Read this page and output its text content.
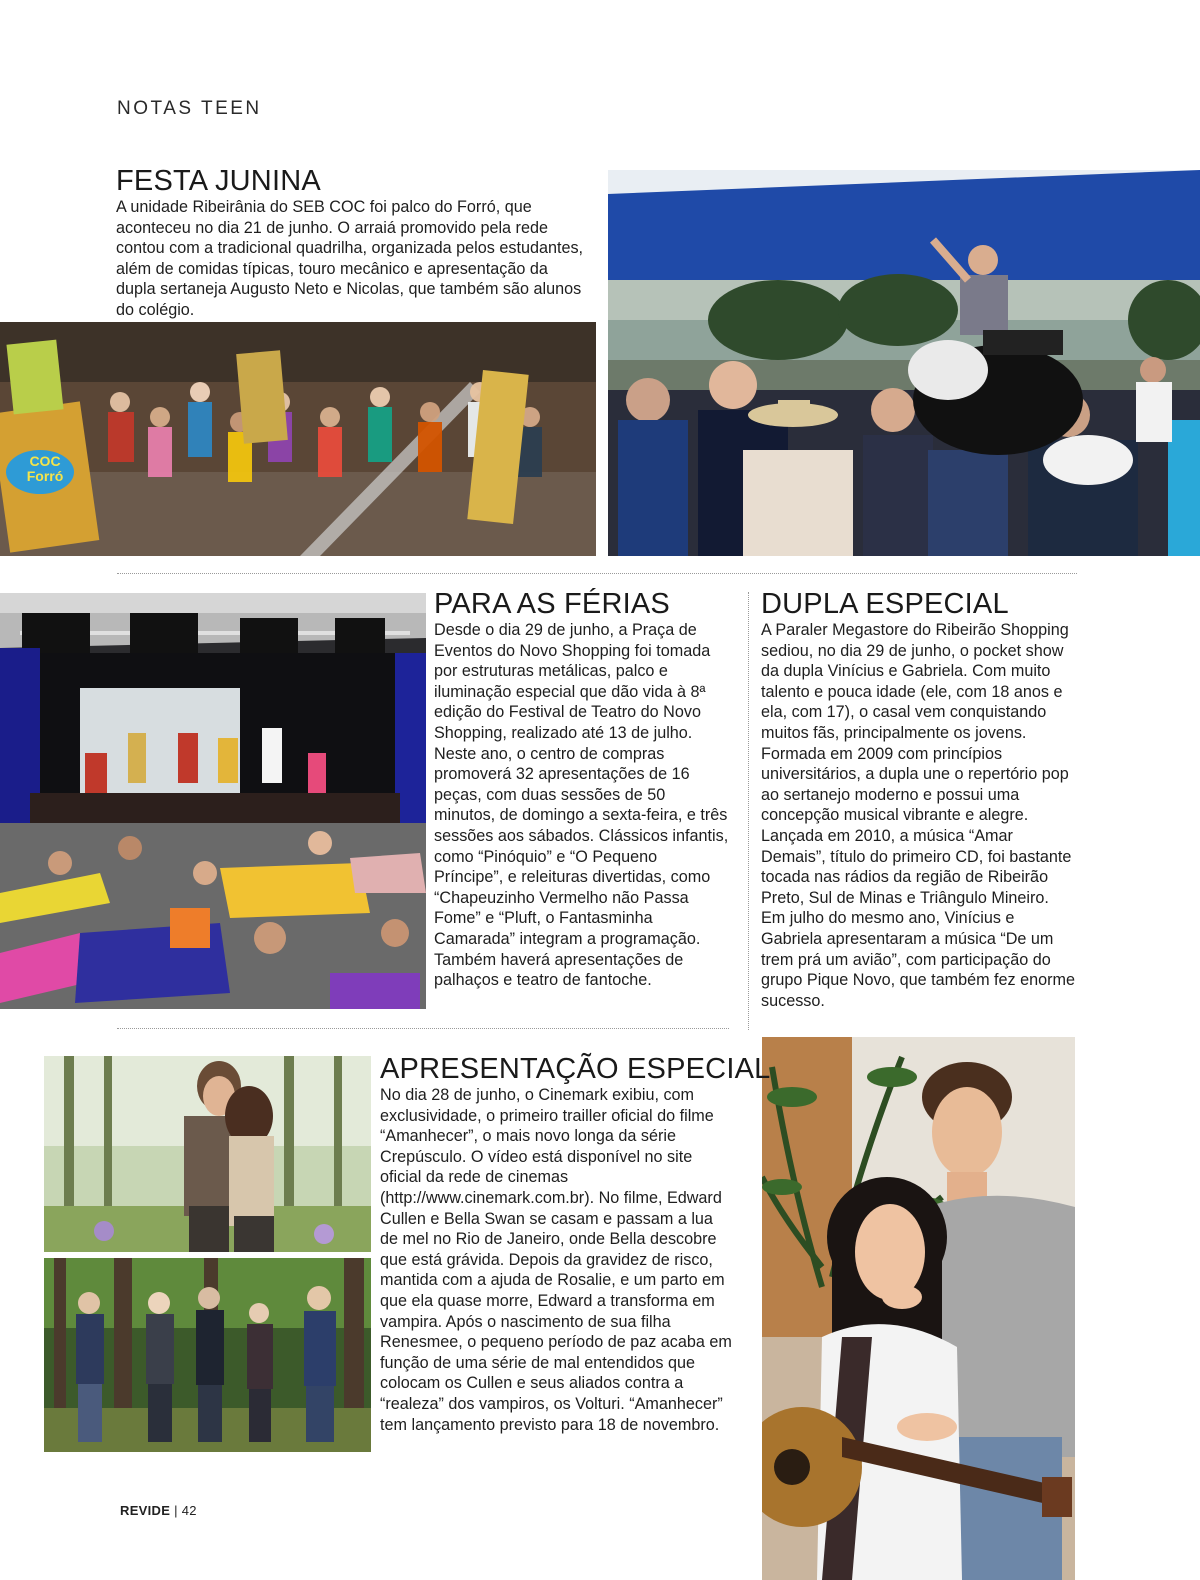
NOTAS TEEN
FESTA JUNINA

A unidade Ribeirânia do SEB COC foi palco do Forró, que aconteceu no dia 21 de junho. O arraiá promovido pela rede contou com a tradicional quadrilha, organizada pelos estudantes, além de comidas típicas, touro mecânico e apresentação da dupla sertaneja Augusto Neto e Nicolas, que também são alunos do colégio.

COC Forró
PARA AS FÉRIAS

Desde o dia 29 de junho, a Praça de Eventos do Novo Shopping foi tomada por estruturas metálicas, palco e iluminação especial que dão vida à 8ª edição do Festival de Teatro do Novo Shopping, realizado até 13 de julho. Neste ano, o centro de compras promoverá 32 apresentações de 16 peças, com duas sessões de 50 minutos, de domingo a sexta-feira, e três sessões aos sábados. Clássicos infantis, como “Pinóquio” e “O Pequeno Príncipe”, e releituras divertidas, como “Chapeuzinho Vermelho não Passa Fome” e “Pluft, o Fantasminha Camarada” integram a programação. Também haverá apresentações de palhaços e teatro de fantoche.

DUPLA ESPECIAL

A Paraler Megastore do Ribeirão Shopping sediou, no dia 29 de junho, o pocket show da dupla Vinícius e Gabriela. Com muito talento e pouca idade (ele, com 18 anos e ela, com 17), o casal vem conquistando muitos fãs, principalmente os jovens. Formada em 2009 com princípios universitários, a dupla une o repertório pop ao sertanejo moderno e possui uma concepção musical vibrante e alegre. Lançada em 2010, a música “Amar Demais”, título do primeiro CD, foi bastante tocada nas rádios da região de Ribeirão Preto, Sul de Minas e Triângulo Mineiro. Em julho do mesmo ano, Vinícius e Gabriela apresentaram a música “De um trem prá um avião”, com participação do grupo Pique Novo, que também fez enorme sucesso.

APRESENTAÇÃO ESPECIAL

No dia 28 de junho, o Cinemark exibiu, com exclusividade, o primeiro trailler oficial do filme “Amanhecer”, o mais novo longa da série Crepúsculo. O vídeo está disponível no site oficial da rede de cinemas (http://www.cinemark.com.br). No filme, Edward Cullen e Bella Swan se casam e passam a lua de mel no Rio de Janeiro, onde Bella descobre que está grávida. Depois da gravidez de risco, mantida com a ajuda de Rosalie, e um parto em que ela quase morre, Edward a transforma em vampira. Após o nascimento de sua filha Renesmee, o pequeno período de paz acaba em função de uma série de mal entendidos que colocam os Cullen e seus aliados contra a “realeza” dos vampiros, os Volturi. “Amanhecer” tem lançamento previsto para 18 de novembro.

REVIDE | 42
